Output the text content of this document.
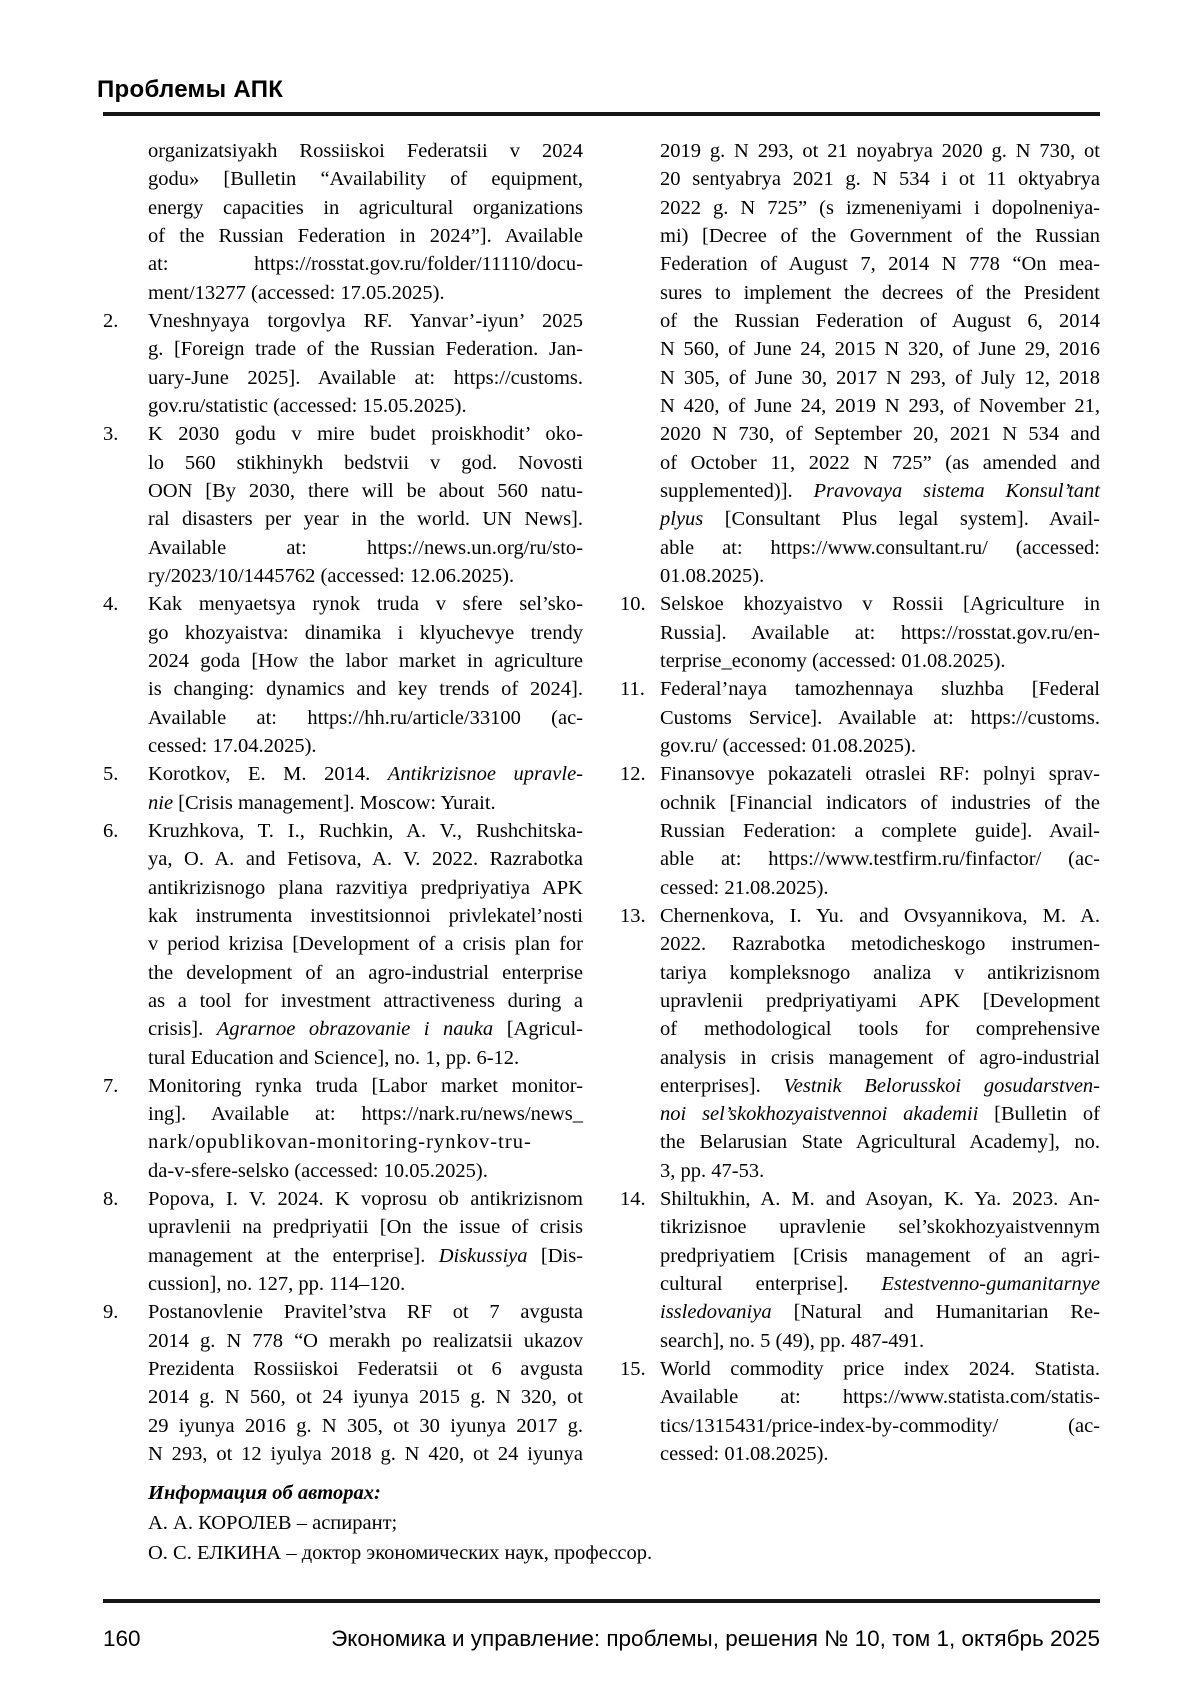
Проблемы АПК
organizatsiyakh Rossiiskoi Federatsii v 2024
godu» [Bulletin “Availability of equipment,
energy capacities in agricultural organizations
of the Russian Federation in 2024”]. Available
at: https://rosstat.gov.ru/folder/11110/docu-
ment/13277 (accessed: 17.05.2025).
2.	Vneshnyaya torgovlya RF. Yanvar’-iyun’ 2025
g. [Foreign trade of the Russian Federation. Jan-
uary-June 2025]. Available at: https://customs.
gov.ru/statistic (accessed: 15.05.2025).
3.	K 2030 godu v mire budet proiskhodit’ oko-
lo 560 stikhinykh bedstvii v god. Novosti
OON [By 2030, there will be about 560 natu-
ral disasters per year in the world. UN News].
Available at: https://news.un.org/ru/sto-
ry/2023/10/1445762 (accessed: 12.06.2025).
4.	Kak menyaetsya rynok truda v sfere sel’sko-
go khozyaistva: dinamika i klyuchevye trendy
2024 goda [How the labor market in agriculture
is changing: dynamics and key trends of 2024].
Available at: https://hh.ru/article/33100 (ac-
cessed: 17.04.2025).
5.	Korotkov, E. M. 2014. Antikrizisnoe upravle-
nie [Crisis management]. Moscow: Yurait.
6.	Kruzhkova, T. I., Ruchkin, A. V., Rushchitska-
ya, O. A. and Fetisova, A. V. 2022. Razrabotka
antikrizisnogo plana razvitiya predpriyatiya APK
kak instrumenta investitsionnoi privlekatel’nosti
v period krizisa [Development of a crisis plan for
the development of an agro-industrial enterprise
as a tool for investment attractiveness during a
crisis]. Agrarnoe obrazovanie i nauka [Agricul-
tural Education and Science], no. 1, pp. 6-12.
7.	Monitoring rynka truda [Labor market monitor-
ing]. Available at: https://nark.ru/news/news_
nark/opublikovan-monitoring-rynkov-tru-
da-v-sfere-selsko (accessed: 10.05.2025).
8.	Popova, I. V. 2024. K voprosu ob antikrizisnom
upravlenii na predpriyatii [On the issue of crisis
management at the enterprise]. Diskussiya [Dis-
cussion], no. 127, pp. 114–120.
9.	Postanovlenie Pravitel’stva RF ot 7 avgusta
2014 g. N 778 “O merakh po realizatsii ukazov
Prezidenta Rossiiskoi Federatsii ot 6 avgusta
2014 g. N 560, ot 24 iyunya 2015 g. N 320, ot
29 iyunya 2016 g. N 305, ot 30 iyunya 2017 g.
N 293, ot 12 iyulya 2018 g. N 420, ot 24 iyunya
2019 g. N 293, ot 21 noyabrya 2020 g. N 730, ot
20 sentyabrya 2021 g. N 534 i ot 11 oktyabrya
2022 g. N 725” (s izmeneniyami i dopolneniya-
mi) [Decree of the Government of the Russian
Federation of August 7, 2014 N 778 “On mea-
sures to implement the decrees of the President
of the Russian Federation of August 6, 2014
N 560, of June 24, 2015 N 320, of June 29, 2016
N 305, of June 30, 2017 N 293, of July 12, 2018
N 420, of June 24, 2019 N 293, of November 21,
2020 N 730, of September 20, 2021 N 534 and
of October 11, 2022 N 725” (as amended and
supplemented)]. Pravovaya sistema Konsul’tant
plyus [Consultant Plus legal system]. Avail-
able at: https://www.consultant.ru/ (accessed:
01.08.2025).
10. Selskoe khozyaistvo v Rossii [Agriculture in
Russia]. Available at: https://rosstat.gov.ru/en-
terprise_economy (accessed: 01.08.2025).
11. Federal’naya tamozhennaya sluzhba [Federal
Customs Service]. Available at: https://customs.
gov.ru/ (accessed: 01.08.2025).
12. Finansovye pokazateli otraslei RF: polnyi sprav-
ochnik [Financial indicators of industries of the
Russian Federation: a complete guide]. Avail-
able at: https://www.testfirm.ru/finfactor/ (ac-
cessed: 21.08.2025).
13. Chernenkova, I. Yu. and Ovsyannikova, M. A.
2022. Razrabotka metodicheskogo instrumen-
tariya kompleksnogo analiza v antikrizisnom
upravlenii predpriyatiyami APK [Development
of methodological tools for comprehensive
analysis in crisis management of agro-industrial
enterprises]. Vestnik Belorusskoi gosudarstven-
noi sel’skokhozyaistvennoi akademii [Bulletin of
the Belarusian State Agricultural Academy], no.
3, pp. 47-53.
14. Shiltukhin, A. M. and Asoyan, K. Ya. 2023. An-
tikrizisnoe upravlenie sel’skokhozyaistvennym
predpriyatiem [Crisis management of an agri-
cultural enterprise]. Estestvenno-gumanitarnye
issledovaniya [Natural and Humanitarian Re-
search], no. 5 (49), pp. 487-491.
15. World commodity price index 2024. Statista.
Available at: https://www.statista.com/statis-
tics/1315431/price-index-by-commodity/ (ac-
cessed: 01.08.2025).
Информация об авторах:
А. А. КОРОЛЕВ – аспирант;
О. С. ЕЛКИНА – доктор экономических наук, профессор.
160	Экономика и управление: проблемы, решения № 10, том 1, октябрь 2025
